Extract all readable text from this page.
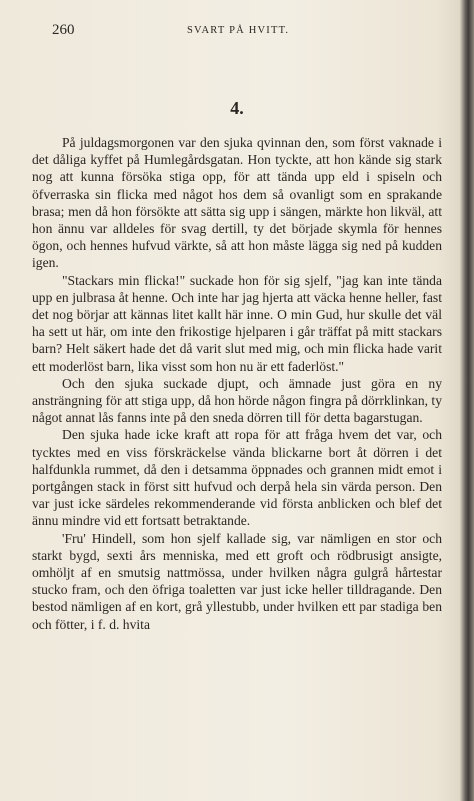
260	SVART PÅ HVITT.
4.

På juldagsmorgonen var den sjuka qvinnan den, som först vaknade i det dåliga kyffet på Humlegårdsgatan. Hon tyckte, att hon kände sig stark nog att kunna försöka stiga opp, för att tända upp eld i spiseln och öfverraska sin flicka med något hos dem så ovanligt som en sprakande brasa; men då hon försökte att sätta sig upp i sängen, märkte hon likväl, att hon ännu var alldeles för svag dertill, ty det började skymla för hennes ögon, och hennes hufvud värkte, så att hon måste lägga sig ned på kudden igen.

"Stackars min flicka!" suckade hon för sig sjelf, "jag kan inte tända upp en julbrasa åt henne. Och inte har jag hjerta att väcka henne heller, fast det nog börjar att kännas litet kallt här inne. O min Gud, hur skulle det väl ha sett ut här, om inte den frikostige hjelparen i går träffat på mitt stackars barn? Helt säkert hade det då varit slut med mig, och min flicka hade varit ett moderlöst barn, lika visst som hon nu är ett faderlöst."

Och den sjuka suckade djupt, och ämnade just göra en ny ansträngning för att stiga upp, då hon hörde någon fingra på dörrklinkan, ty något annat lås fanns inte på den sneda dörren till för detta bagarstugan.

Den sjuka hade icke kraft att ropa för att fråga hvem det var, och tycktes med en viss förskräckelse vända blickarne bort åt dörren i det halfdunkla rummet, då den i detsamma öppnades och grannen midt emot i portgången stack in först sitt hufvud och derpå hela sin värda person. Den var just icke särdeles rekommenderande vid första anblicken och blef det ännu mindre vid ett fortsatt betraktande.

'Fru' Hindell, som hon sjelf kallade sig, var nämligen en stor och starkt bygd, sexti års menniska, med ett groft och rödbrusigt ansigte, omhöljt af en smutsig nattmössa, under hvilken några gulgrå hårtestar stucko fram, och den öfriga toaletten var just icke heller tilldragande. Den bestod nämligen af en kort, grå yllestubb, under hvilken ett par stadiga ben och fötter, i f. d. hvita
